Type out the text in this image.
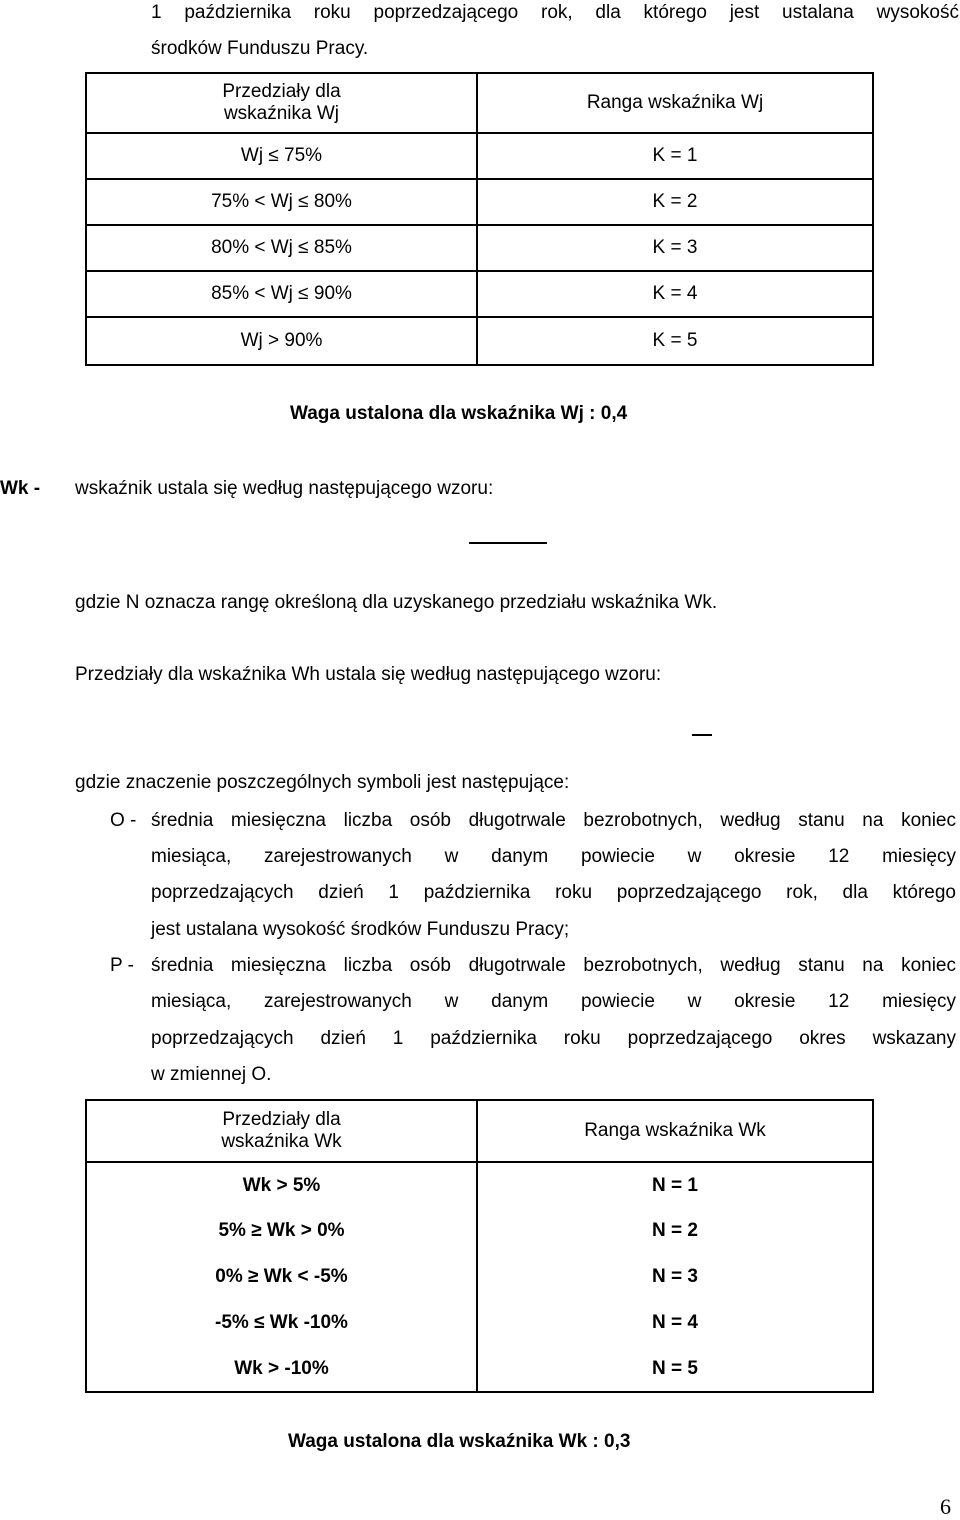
1 października roku poprzedzającego rok, dla którego jest ustalana wysokość
środków Funduszu Pracy.
Przedziały dla wskaźnika Wj	Ranga wskaźnika Wj
Wj ≤ 75%	K = 1
75% < Wj ≤ 80%	K = 2
80% < Wj ≤ 85%	K = 3
85% < Wj ≤ 90%	K = 4
Wj > 90%	K = 5
Waga ustalona dla wskaźnika Wj : 0,4
Wk - wskaźnik ustala się według następującego wzoru:
gdzie N oznacza rangę określoną dla uzyskanego przedziału wskaźnika Wk.
Przedziały dla wskaźnika Wh ustala się według następującego wzoru:
gdzie znaczenie poszczególnych symboli jest następujące:
O - średnia miesięczna liczba osób długotrwale bezrobotnych, według stanu na koniec
miesiąca, zarejestrowanych w danym powiecie w okresie 12 miesięcy
poprzedzających dzień 1 października roku poprzedzającego rok, dla którego
jest ustalana wysokość środków Funduszu Pracy;
P - średnia miesięczna liczba osób długotrwale bezrobotnych, według stanu na koniec
miesiąca, zarejestrowanych w danym powiecie w okresie 12 miesięcy
poprzedzających dzień 1 października roku poprzedzającego okres wskazany
w zmiennej O.
Przedziały dla wskaźnika Wk	Ranga wskaźnika Wk
Wk > 5%	N = 1
5% ≥ Wk > 0%	N = 2
0% ≥ Wk < -5%	N = 3
-5% ≤ Wk -10%	N = 4
Wk > -10%	N = 5
Waga ustalona dla wskaźnika Wk : 0,3
6
